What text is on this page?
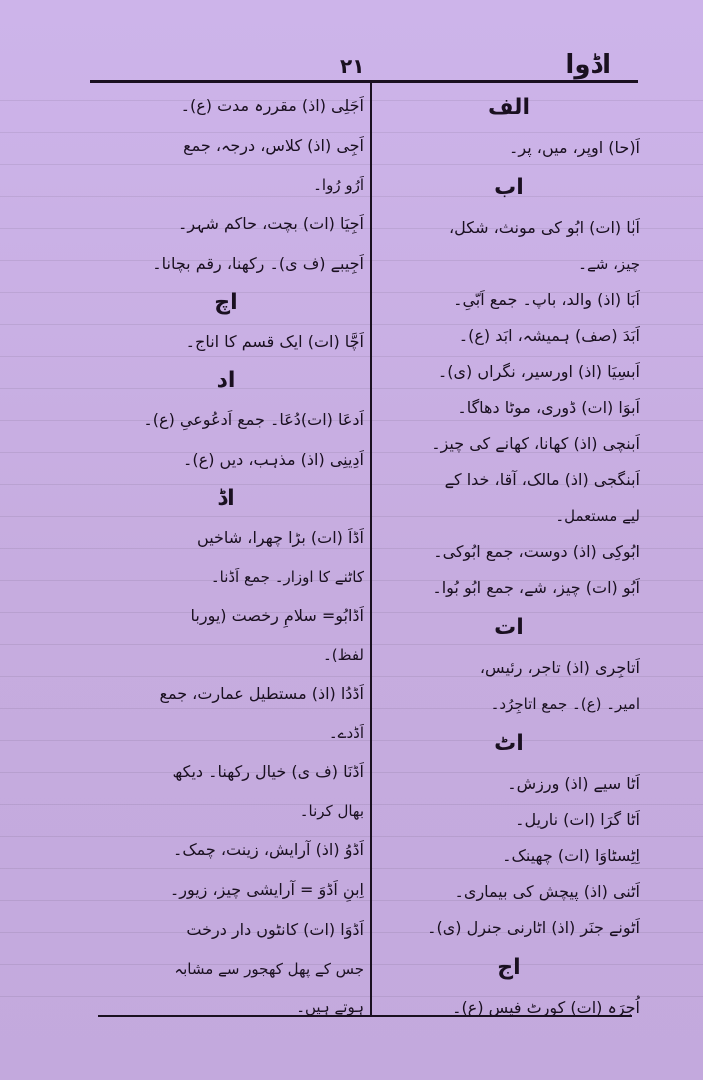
اڈوا
۲۱
الف
اَ(حا) اوپر، میں، پر۔
اب
اَبٰا (ات) ابُو کی مونث، شکل،
چیز، شے۔
اَبَا (اذ) والد، باپ۔ جمع اَبّیِ۔
اَبَدَ (صف) ہمیشہ، ابَد (ع)۔
اَبسِیَا (اذ) اورسیر، نگراں (ی)۔
اَبوَا (ات) ڈوری، موٹا دھاگا۔
اَبنچی (اذ) کھانا، کھانے کی چیز۔
اَبنگجی (اذ) مالک، آقا، خدا کے
لیے مستعمل۔
ابُوکِی (اذ) دوست، جمع ابُوکی۔
اَبُو (ات) چیز، شے، جمع ابُو بُوا۔
ات
اَتاجِری (اذ) تاجر، رئیس،
امیر۔ (ع)۔ جمع اتاجِرُد۔
اٹ
اَٹا سیے (اذ) ورزش۔
اَٹا گرَا (ات) ناریل۔
اِٹِسٹاوَا (ات) چھینک۔
اَٹنی (اذ) پیچش کی بیماری۔
اَٹونے جنَر (اذ) اٹارنی جنرل (ی)۔
اج
اُجرَہ (ات) کورٹ فیس (ع)۔
اَجَلِی (اذ) مقررہ مدت (ع)۔
اَجِی (اذ) کلاس، درجہ، جمع
اَرُو رُوا۔
اَجِیَا (ات) بچت، حاکم شہر۔
اَجِیبے (ف ی)۔ رکھنا، رقم بچانا۔
اچ
اَچَّا (ات) ایک قسم کا اناج۔
اد
اَدعَا (ات)دُعَا۔ جمع اَدعُوعیِ (ع)۔
اَدِینِی (اذ) مذہب، دیں (ع)۔
اڈ
اَڈاَ (ات) بڑا چھرا، شاخیں
کاٹنے کا اوزار۔ جمع اَڈنا۔
اَڈابُو= سلامِ رخصت (یوربا
لفظ)۔
اَڈدُا (اذ) مستطیل عمارت، جمع
اَڈدے۔
اَڈنَا (ف ی) خیال رکھنا۔ دیکھ
بھال کرنا۔
اَڈوُ (اذ) آرایش، زینت، چمک۔
اِبنِ اَڈوَ = آرایشی چیز، زیور۔
اَڈوَا (ات) کانٹوں دار درخت
جس کے پھل کھجور سے مشابہ
ہوتے ہیں۔
